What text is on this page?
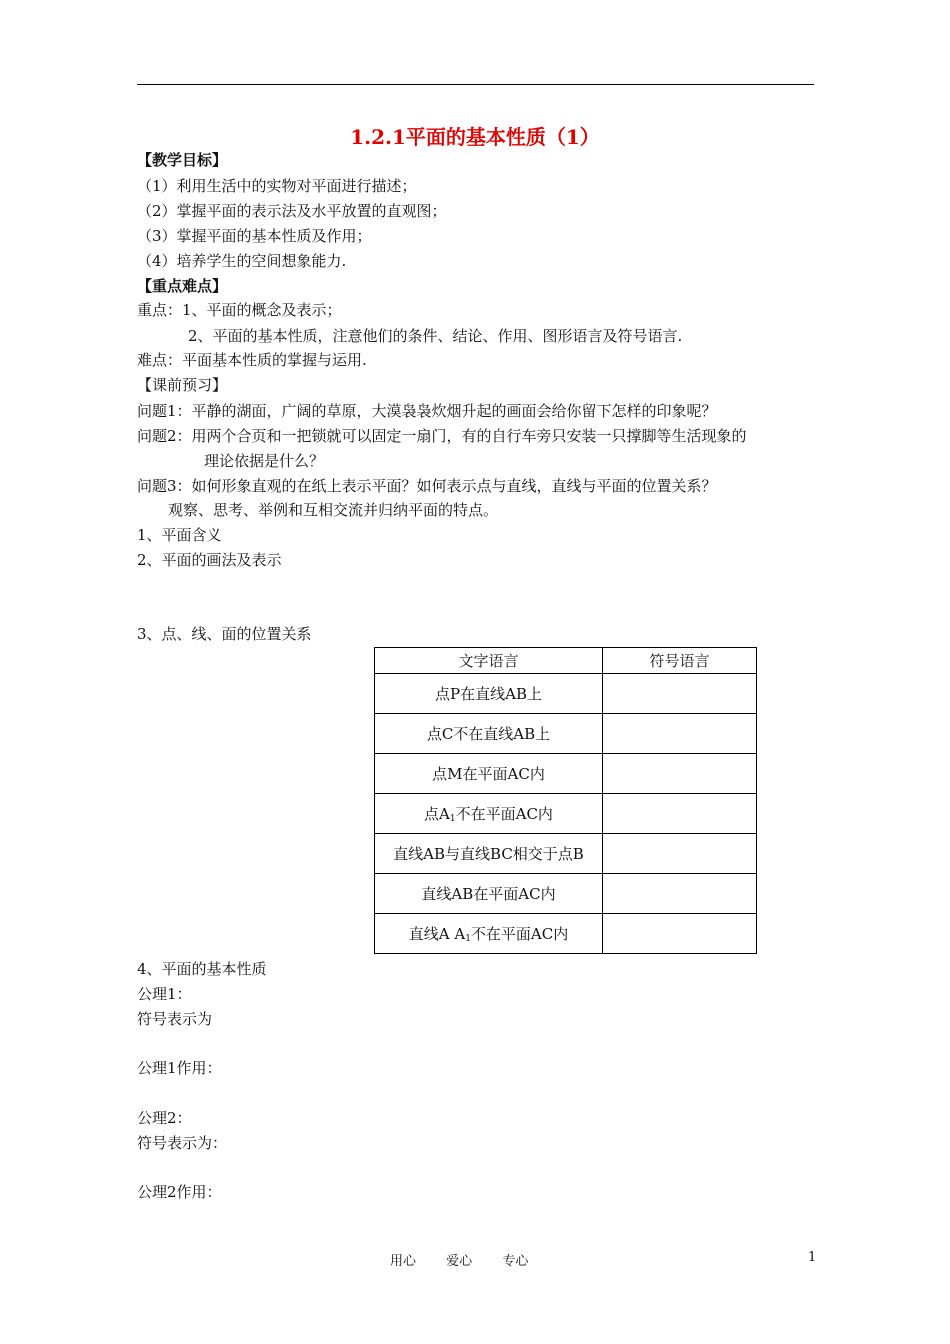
1.2.1平面的基本性质（1）
【教学目标】
（1）利用生活中的实物对平面进行描述；
（2）掌握平面的表示法及水平放置的直观图；
（3）掌握平面的基本性质及作用；
（4）培养学生的空间想象能力.
【重点难点】
重点：1、平面的概念及表示；
2、平面的基本性质，注意他们的条件、结论、作用、图形语言及符号语言.
难点：平面基本性质的掌握与运用.
【课前预习】
问题1：平静的湖面，广阔的草原，大漠袅袅炊烟升起的画面会给你留下怎样的印象呢？
问题2：用两个合页和一把锁就可以固定一扇门，有的自行车旁只安装一只撑脚等生活现象的
理论依据是什么？
问题3：如何形象直观的在纸上表示平面？如何表示点与直线，直线与平面的位置关系？
观察、思考、举例和互相交流并归纳平面的特点。
1、平面含义
2、平面的画法及表示
3、点、线、面的位置关系
文字语言	符号语言
点P在直线AB上	
点C不在直线AB上	
点M在平面AC内	
点$A_1$不在平面AC内	
直线AB与直线BC相交于点B	
直线AB在平面AC内	
直线A $A_1$不在平面AC内	
4、平面的基本性质
公理1：
符号表示为
公理1作用：
公理2：
符号表示为：
公理2作用：
用心 爱心 专心	1
